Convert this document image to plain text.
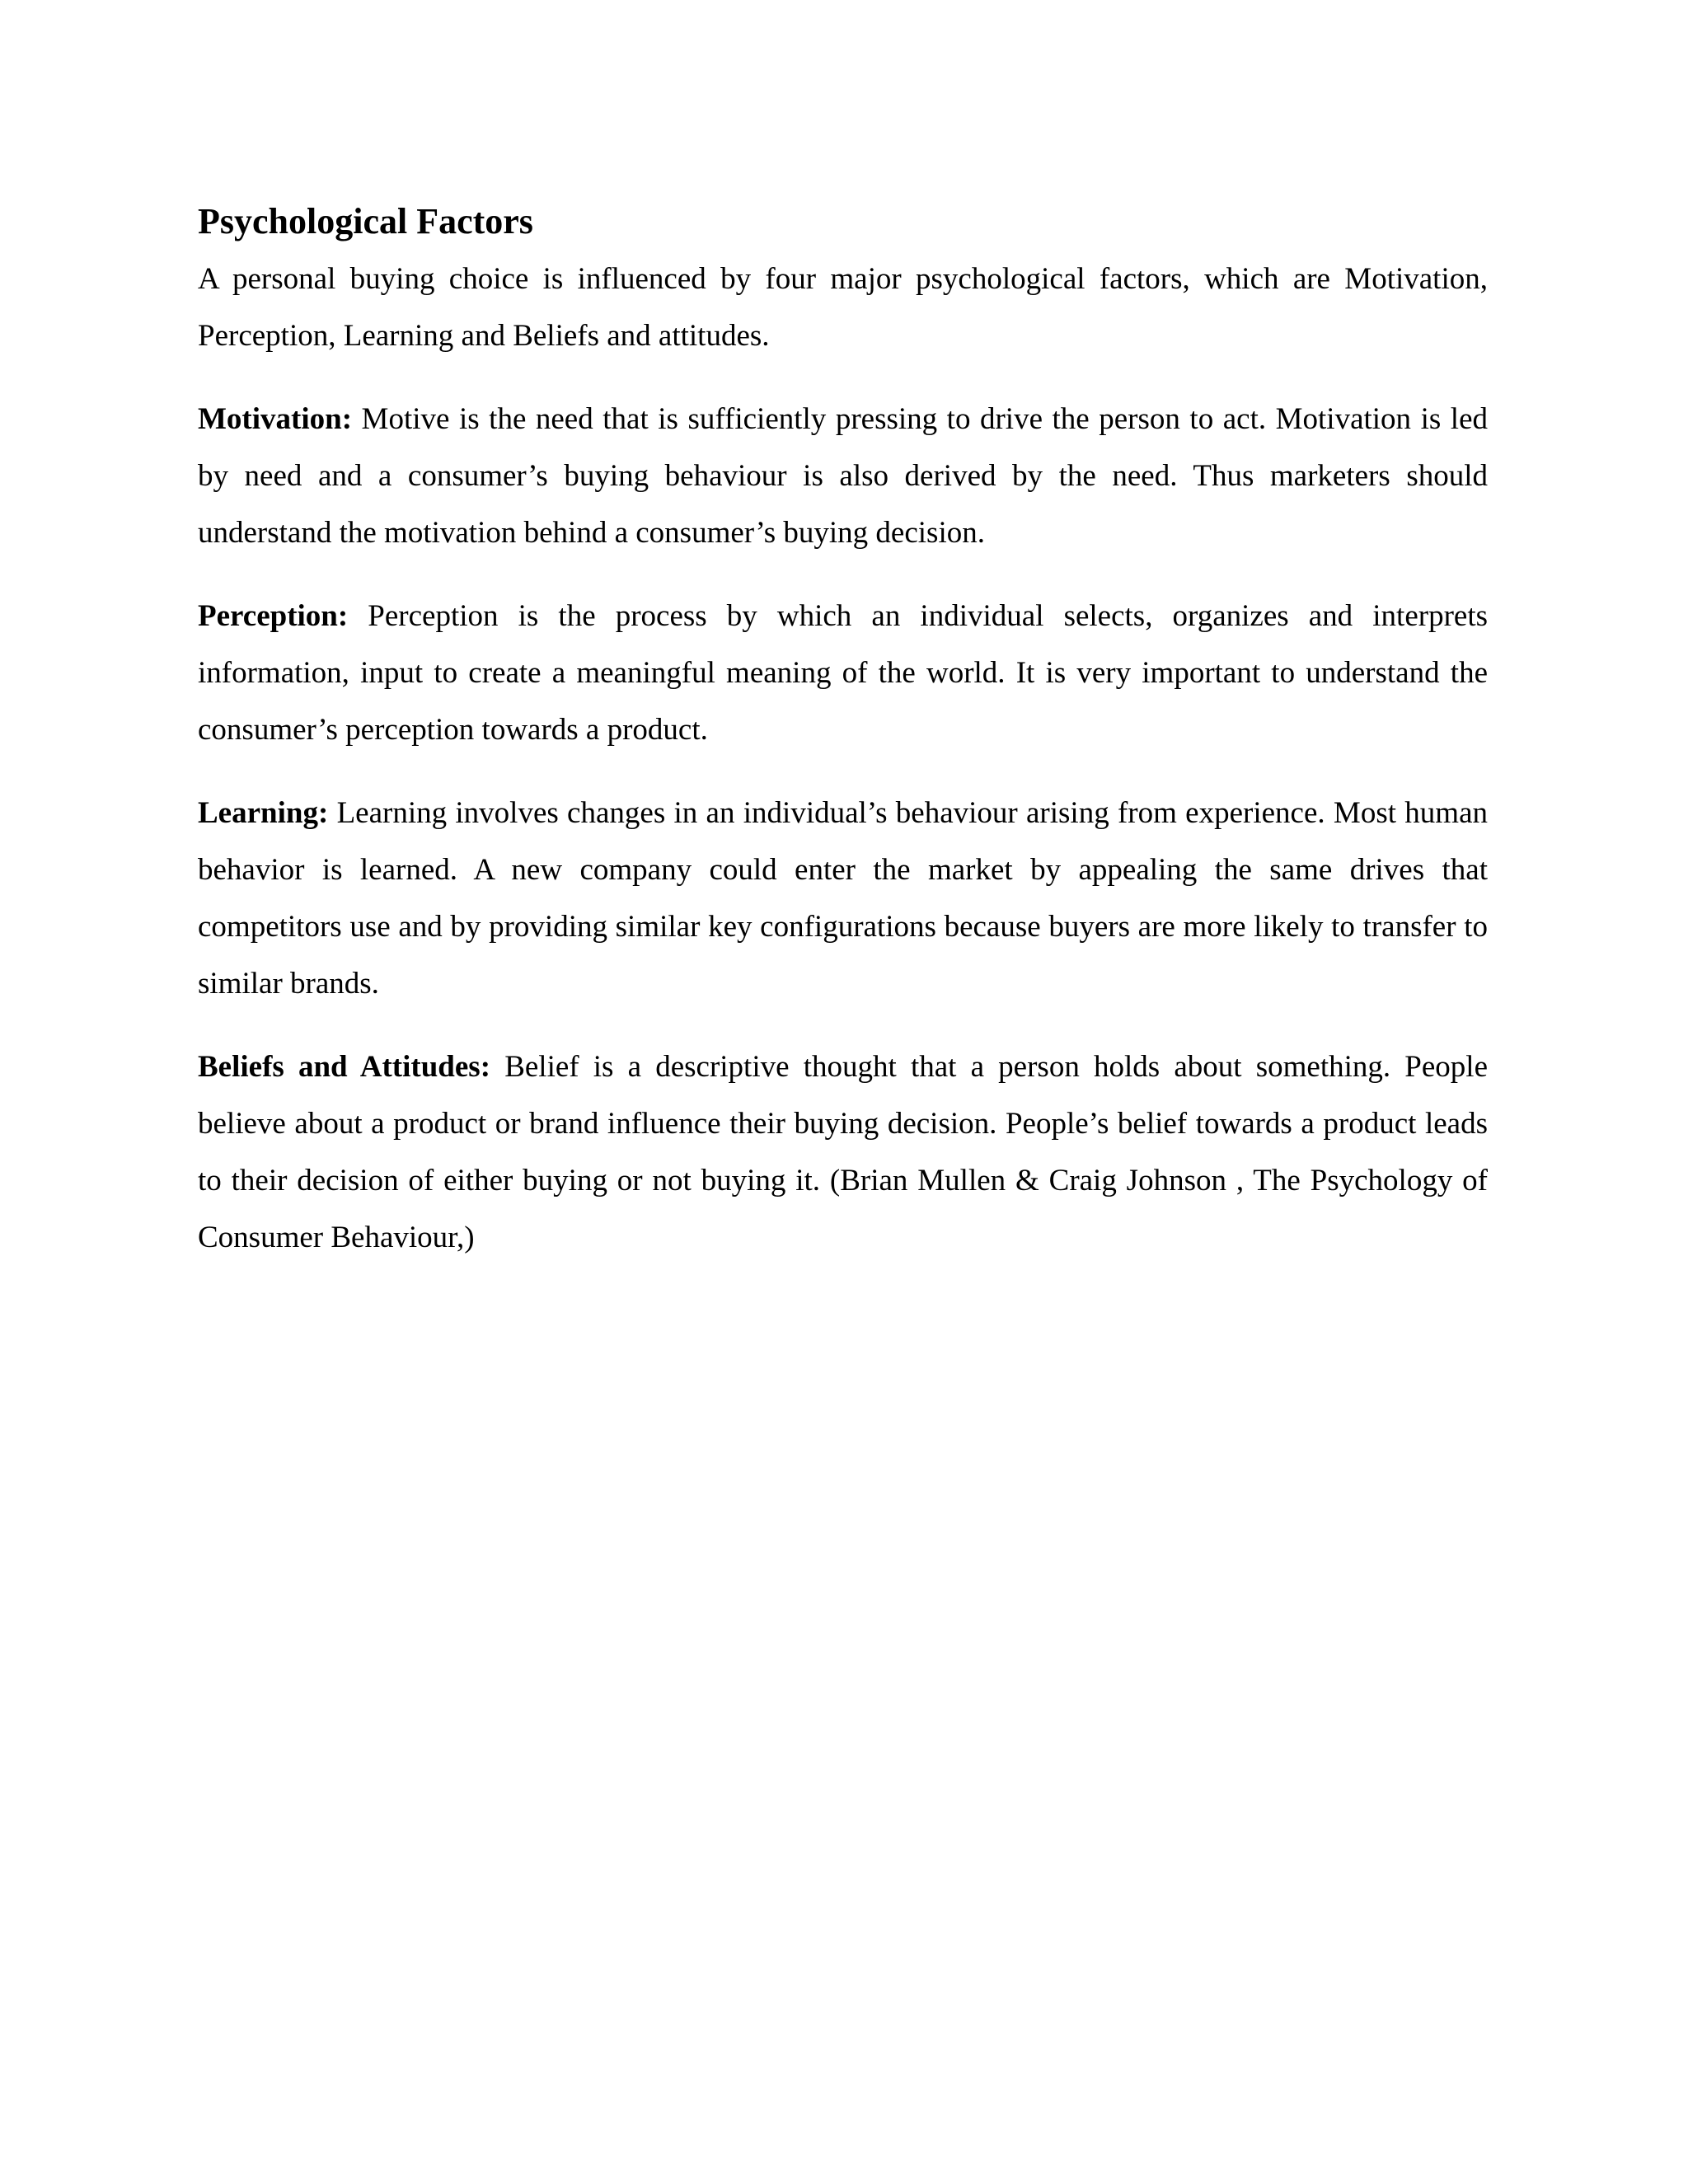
Psychological Factors

A personal buying choice is influenced by four major psychological factors, which are Motivation, Perception, Learning and Beliefs and attitudes.

Motivation: Motive is the need that is sufficiently pressing to drive the person to act. Motivation is led by need and a consumer’s buying behaviour is also derived by the need. Thus marketers should understand the motivation behind a consumer’s buying decision.

Perception: Perception is the process by which an individual selects, organizes and interprets information, input to create a meaningful meaning of the world. It is very important to understand the consumer’s perception towards a product.

Learning: Learning involves changes in an individual’s behaviour arising from experience. Most human behavior is learned. A new company could enter the market by appealing the same drives that competitors use and by providing similar key configurations because buyers are more likely to transfer to similar brands.

Beliefs and Attitudes: Belief is a descriptive thought that a person holds about something. People believe about a product or brand influence their buying decision. People’s belief towards a product leads to their decision of either buying or not buying it. (Brian Mullen & Craig Johnson , The Psychology of Consumer Behaviour,)
